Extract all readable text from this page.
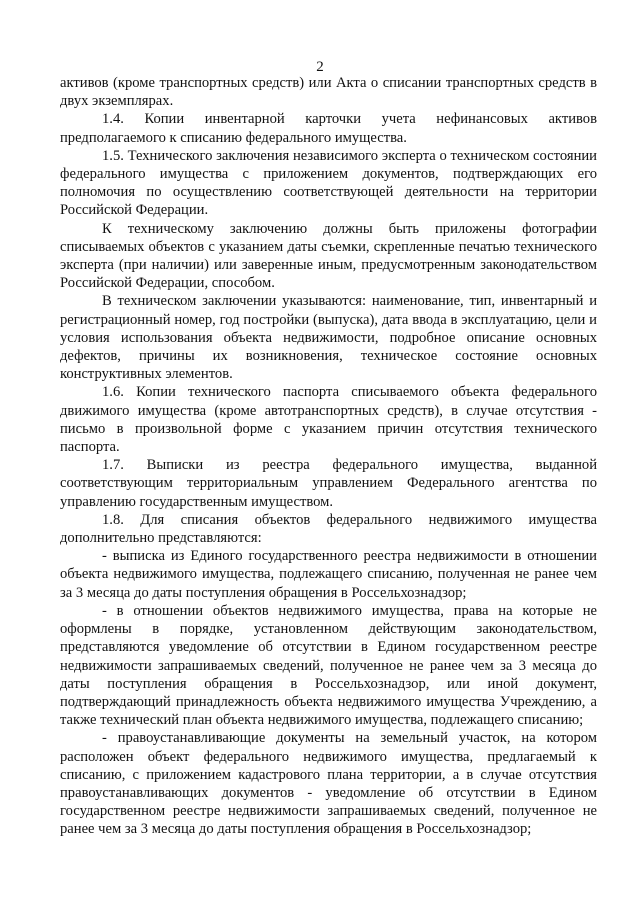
2

активов (кроме транспортных средств) или Акта о списании транспортных средств в двух экземплярах.

1.4. Копии инвентарной карточки учета нефинансовых активов предполагаемого к списанию федерального имущества.

1.5. Технического заключения независимого эксперта о техническом состоянии федерального имущества с приложением документов, подтверждающих его полномочия по осуществлению соответствующей деятельности на территории Российской Федерации.

К техническому заключению должны быть приложены фотографии списываемых объектов с указанием даты съемки, скрепленные печатью технического эксперта (при наличии) или заверенные иным, предусмотренным законодательством Российской Федерации, способом.

В техническом заключении указываются: наименование, тип, инвентарный и регистрационный номер, год постройки (выпуска), дата ввода в эксплуатацию, цели и условия использования объекта недвижимости, подробное описание основных дефектов, причины их возникновения, техническое состояние основных конструктивных элементов.

1.6. Копии технического паспорта списываемого объекта федерального движимого имущества (кроме автотранспортных средств), в случае отсутствия - письмо в произвольной форме с указанием причин отсутствия технического паспорта.

1.7. Выписки из реестра федерального имущества, выданной соответствующим территориальным управлением Федерального агентства по управлению государственным имуществом.

1.8. Для списания объектов федерального недвижимого имущества дополнительно представляются:

- выписка из Единого государственного реестра недвижимости в отношении объекта недвижимого имущества, подлежащего списанию, полученная не ранее чем за 3 месяца до даты поступления обращения в Россельхознадзор;

- в отношении объектов недвижимого имущества, права на которые не оформлены в порядке, установленном действующим законодательством, представляются уведомление об отсутствии в Едином государственном реестре недвижимости запрашиваемых сведений, полученное не ранее чем за 3 месяца до даты поступления обращения в Россельхознадзор, или иной документ, подтверждающий принадлежность объекта недвижимого имущества Учреждению, а также технический план объекта недвижимого имущества, подлежащего списанию;

- правоустанавливающие документы на земельный участок, на котором расположен объект федерального недвижимого имущества, предлагаемый к списанию, с приложением кадастрового плана территории, а в случае отсутствия правоустанавливающих документов - уведомление об отсутствии в Едином государственном реестре недвижимости запрашиваемых сведений, полученное не ранее чем за 3 месяца до даты поступления обращения в Россельхознадзор;
